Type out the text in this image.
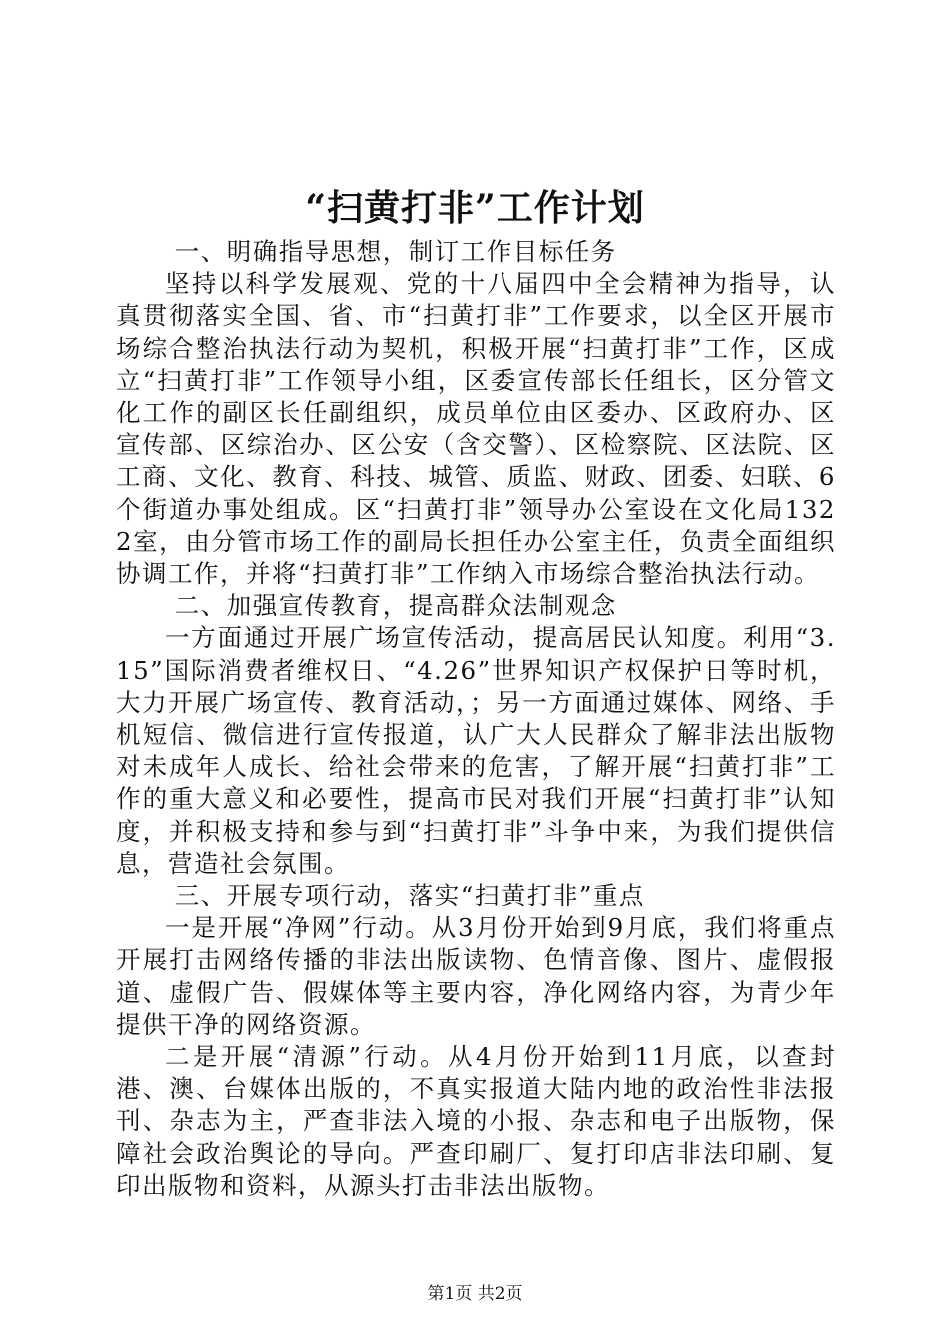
“扫黄打非”工作计划

一、明确指导思想，制订工作目标任务

坚持以科学发展观、党的十八届四中全会精神为指导，认真贯彻落实全国、省、市“扫黄打非”工作要求，以全区开展市场综合整治执法行动为契机，积极开展“扫黄打非”工作，区成立“扫黄打非”工作领导小组，区委宣传部长任组长，区分管文化工作的副区长任副组织，成员单位由区委办、区政府办、区宣传部、区综治办、区公安（含交警）、区检察院、区法院、区工商、文化、教育、科技、城管、质监、财政、团委、妇联、6个街道办事处组成。区“扫黄打非”领导办公室设在文化局1322室，由分管市场工作的副局长担任办公室主任，负责全面组织协调工作，并将“扫黄打非”工作纳入市场综合整治执法行动。

二、加强宣传教育，提高群众法制观念

一方面通过开展广场宣传活动，提高居民认知度。利用“3.15”国际消费者维权日、“4.26”世界知识产权保护日等时机，大力开展广场宣传、教育活动，；另一方面通过媒体、网络、手机短信、微信进行宣传报道，认广大人民群众了解非法出版物对未成年人成长、给社会带来的危害，了解开展“扫黄打非”工作的重大意义和必要性，提高市民对我们开展“扫黄打非”认知度，并积极支持和参与到“扫黄打非”斗争中来，为我们提供信息，营造社会氛围。

三、开展专项行动，落实“扫黄打非”重点

一是开展“净网”行动。从3月份开始到9月底，我们将重点开展打击网络传播的非法出版读物、色情音像、图片、虚假报道、虚假广告、假媒体等主要内容，净化网络内容，为青少年提供干净的网络资源。

二是开展“清源”行动。从4月份开始到11月底，以查封港、澳、台媒体出版的，不真实报道大陆内地的政治性非法报刊、杂志为主，严查非法入境的小报、杂志和电子出版物，保障社会政治舆论的导向。严查印刷厂、复打印店非法印刷、复印出版物和资料，从源头打击非法出版物。

第1页 共2页
